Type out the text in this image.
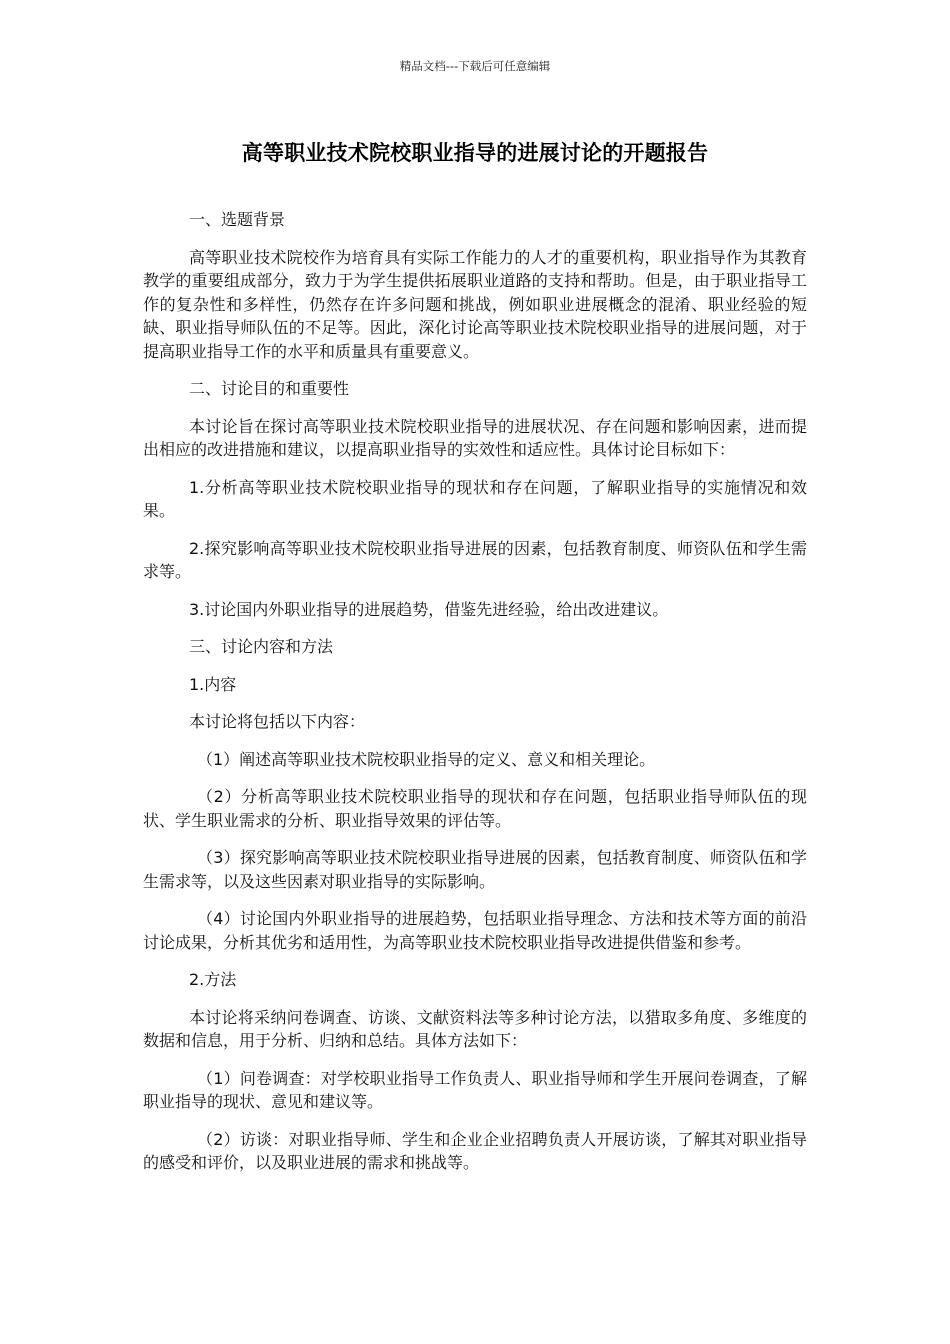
精品文档---下载后可任意编辑
高等职业技术院校职业指导的进展讨论的开题报告

一、选题背景

高等职业技术院校作为培育具有实际工作能力的人才的重要机构，职业指导作为其教育教学的重要组成部分，致力于为学生提供拓展职业道路的支持和帮助。但是，由于职业指导工作的复杂性和多样性，仍然存在许多问题和挑战，例如职业进展概念的混淆、职业经验的短缺、职业指导师队伍的不足等。因此，深化讨论高等职业技术院校职业指导的进展问题，对于提高职业指导工作的水平和质量具有重要意义。

二、讨论目的和重要性

本讨论旨在探讨高等职业技术院校职业指导的进展状况、存在问题和影响因素，进而提出相应的改进措施和建议，以提高职业指导的实效性和适应性。具体讨论目标如下：

1.分析高等职业技术院校职业指导的现状和存在问题，了解职业指导的实施情况和效果。

2.探究影响高等职业技术院校职业指导进展的因素，包括教育制度、师资队伍和学生需求等。

3.讨论国内外职业指导的进展趋势，借鉴先进经验，给出改进建议。

三、讨论内容和方法

1.内容

本讨论将包括以下内容：

（1）阐述高等职业技术院校职业指导的定义、意义和相关理论。

（2）分析高等职业技术院校职业指导的现状和存在问题，包括职业指导师队伍的现状、学生职业需求的分析、职业指导效果的评估等。

（3）探究影响高等职业技术院校职业指导进展的因素，包括教育制度、师资队伍和学生需求等，以及这些因素对职业指导的实际影响。

（4）讨论国内外职业指导的进展趋势，包括职业指导理念、方法和技术等方面的前沿讨论成果，分析其优劣和适用性，为高等职业技术院校职业指导改进提供借鉴和参考。

2.方法

本讨论将采纳问卷调查、访谈、文献资料法等多种讨论方法，以猎取多角度、多维度的数据和信息，用于分析、归纳和总结。具体方法如下：

（1）问卷调查：对学校职业指导工作负责人、职业指导师和学生开展问卷调查，了解职业指导的现状、意见和建议等。

（2）访谈：对职业指导师、学生和企业企业招聘负责人开展访谈，了解其对职业指导的感受和评价，以及职业进展的需求和挑战等。
